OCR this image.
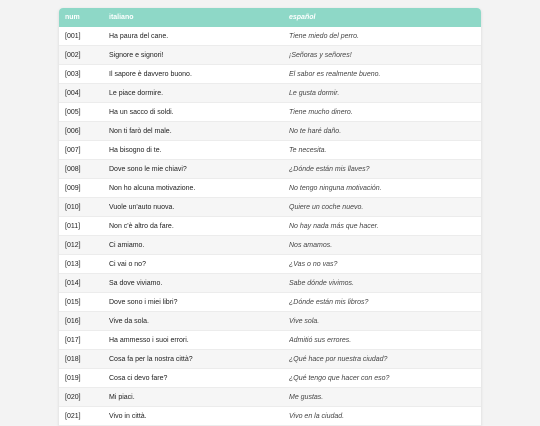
num	italiano	español
[001]	Ha paura del cane.	Tiene miedo del perro.
[002]	Signore e signori!	¡Señoras y señores!
[003]	Il sapore è davvero buono.	El sabor es realmente bueno.
[004]	Le piace dormire.	Le gusta dormir.
[005]	Ha un sacco di soldi.	Tiene mucho dinero.
[006]	Non ti farò del male.	No te haré daño.
[007]	Ha bisogno di te.	Te necesita.
[008]	Dove sono le mie chiavi?	¿Dónde están mis llaves?
[009]	Non ho alcuna motivazione.	No tengo ninguna motivación.
[010]	Vuole un'auto nuova.	Quiere un coche nuevo.
[011]	Non c'è altro da fare.	No hay nada más que hacer.
[012]	Ci amiamo.	Nos amamos.
[013]	Ci vai o no?	¿Vas o no vas?
[014]	Sa dove viviamo.	Sabe dónde vivimos.
[015]	Dove sono i miei libri?	¿Dónde están mis libros?
[016]	Vive da sola.	Vive sola.
[017]	Ha ammesso i suoi errori.	Admitió sus errores.
[018]	Cosa fa per la nostra città?	¿Qué hace por nuestra ciudad?
[019]	Cosa ci devo fare?	¿Qué tengo que hacer con eso?
[020]	Mi piaci.	Me gustas.
[021]	Vivo in città.	Vivo en la ciudad.
